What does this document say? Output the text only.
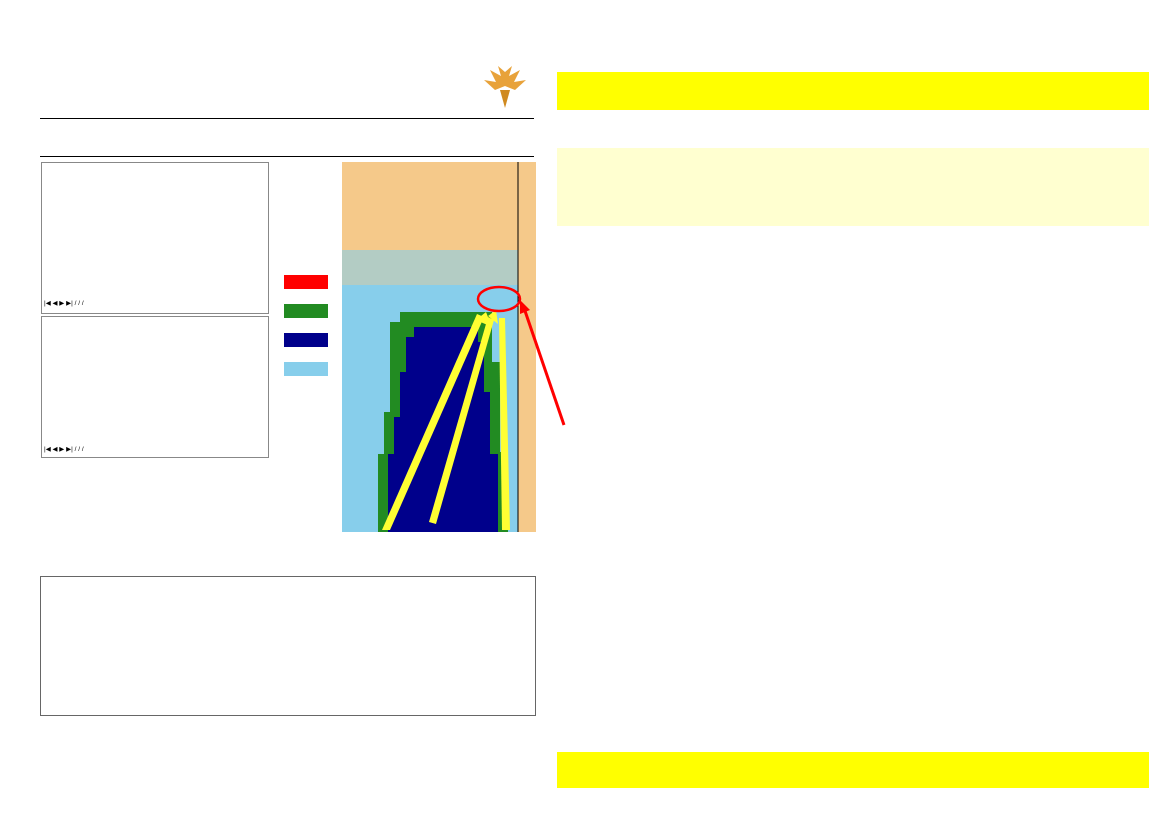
|◀ ◀ ▶ ▶| / / /
|◀ ◀ ▶ ▶| / / /
